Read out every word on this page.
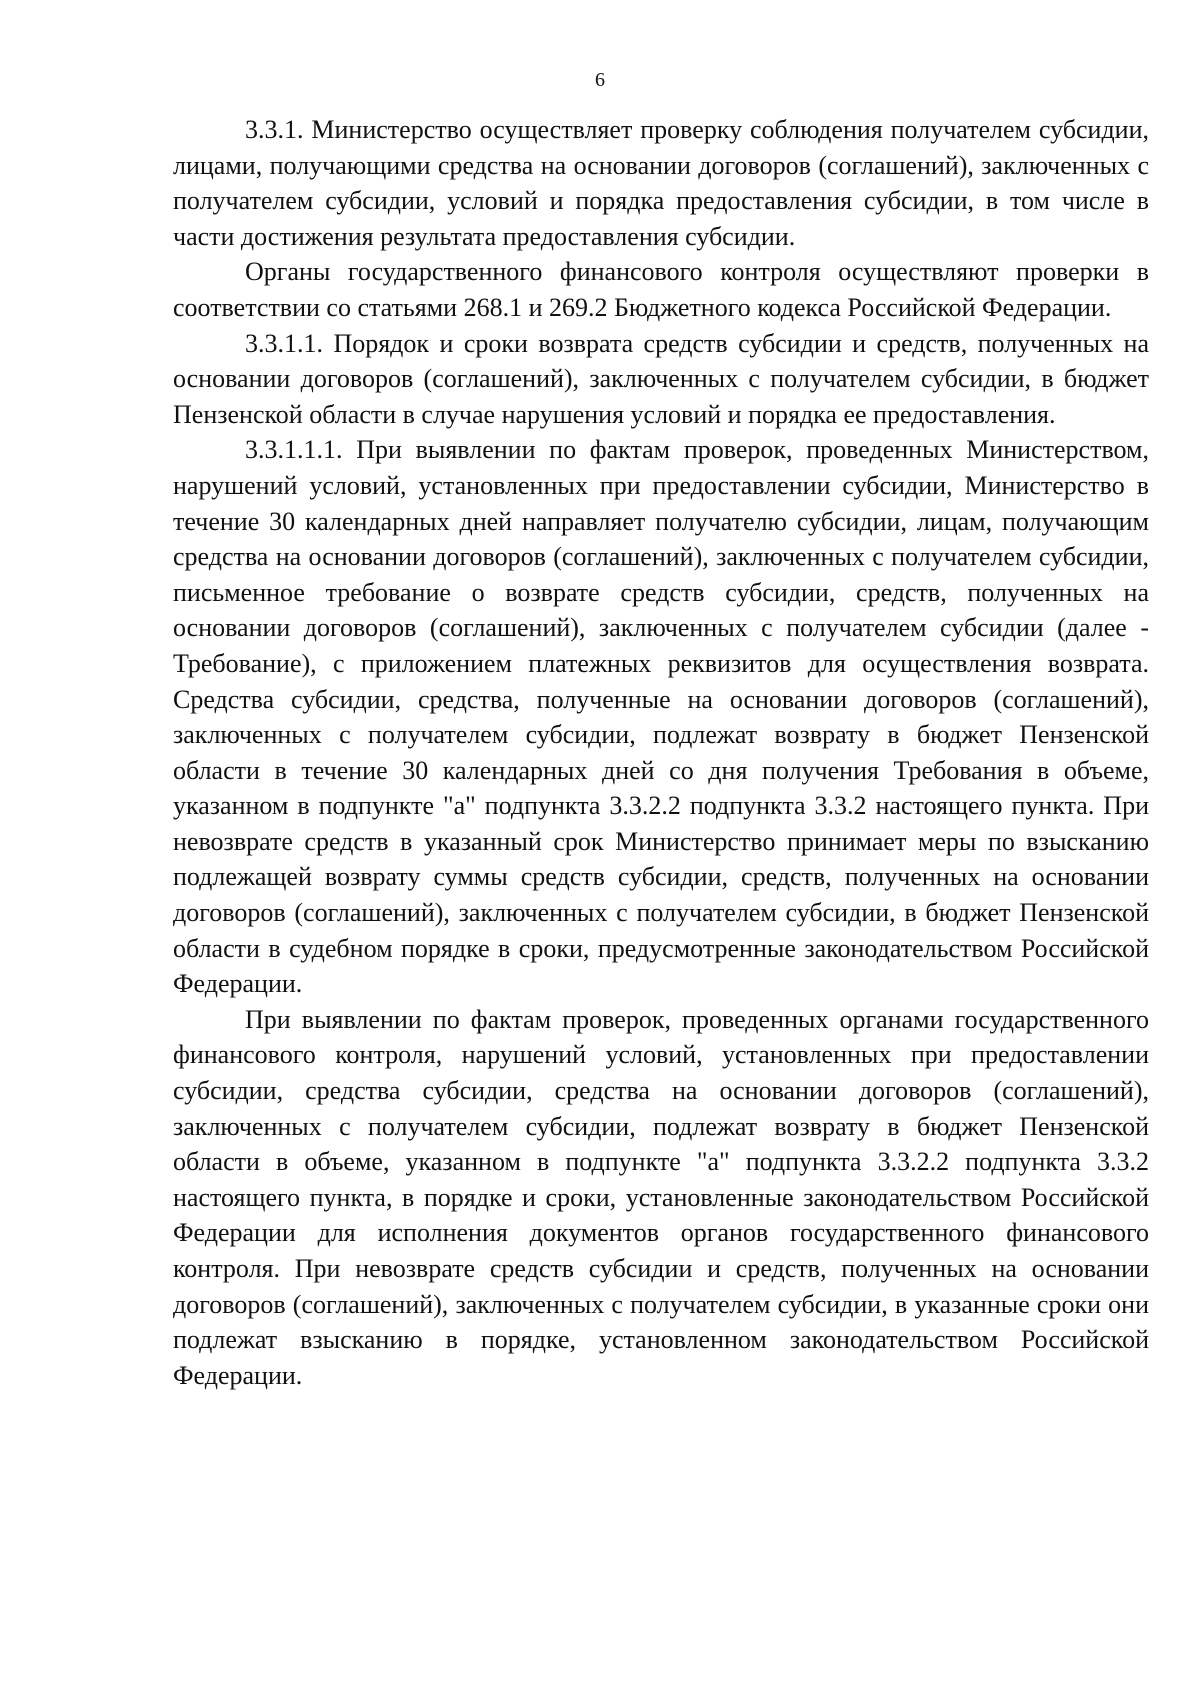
6

3.3.1. Министерство осуществляет проверку соблюдения получателем субсидии, лицами, получающими средства на основании договоров (соглашений), заключенных с получателем субсидии, условий и порядка предоставления субсидии, в том числе в части достижения результата предоставления субсидии.

Органы государственного финансового контроля осуществляют проверки в соответствии со статьями 268.1 и 269.2 Бюджетного кодекса Российской Федерации.

3.3.1.1. Порядок и сроки возврата средств субсидии и средств, полученных на основании договоров (соглашений), заключенных с получателем субсидии, в бюджет Пензенской области в случае нарушения условий и порядка ее предоставления.

3.3.1.1.1. При выявлении по фактам проверок, проведенных Министерством, нарушений условий, установленных при предоставлении субсидии, Министерство в течение 30 календарных дней направляет получателю субсидии, лицам, получающим средства на основании договоров (соглашений), заключенных с получателем субсидии, письменное требование о возврате средств субсидии, средств, полученных на основании договоров (соглашений), заключенных с получателем субсидии (далее - Требование), с приложением платежных реквизитов для осуществления возврата. Средства субсидии, средства, полученные на основании договоров (соглашений), заключенных с получателем субсидии, подлежат возврату в бюджет Пензенской области в течение 30 календарных дней со дня получения Требования в объеме, указанном в подпункте "а" подпункта 3.3.2.2 подпункта 3.3.2 настоящего пункта. При невозврате средств в указанный срок Министерство принимает меры по взысканию подлежащей возврату суммы средств субсидии, средств, полученных на основании договоров (соглашений), заключенных с получателем субсидии, в бюджет Пензенской области в судебном порядке в сроки, предусмотренные законодательством Российской Федерации.

При выявлении по фактам проверок, проведенных органами государственного финансового контроля, нарушений условий, установленных при предоставлении субсидии, средства субсидии, средства на основании договоров (соглашений), заключенных с получателем субсидии, подлежат возврату в бюджет Пензенской области в объеме, указанном в подпункте "а" подпункта 3.3.2.2 подпункта 3.3.2 настоящего пункта, в порядке и сроки, установленные законодательством Российской Федерации для исполнения документов органов государственного финансового контроля. При невозврате средств субсидии и средств, полученных на основании договоров (соглашений), заключенных с получателем субсидии, в указанные сроки они подлежат взысканию в порядке, установленном законодательством Российской Федерации.
